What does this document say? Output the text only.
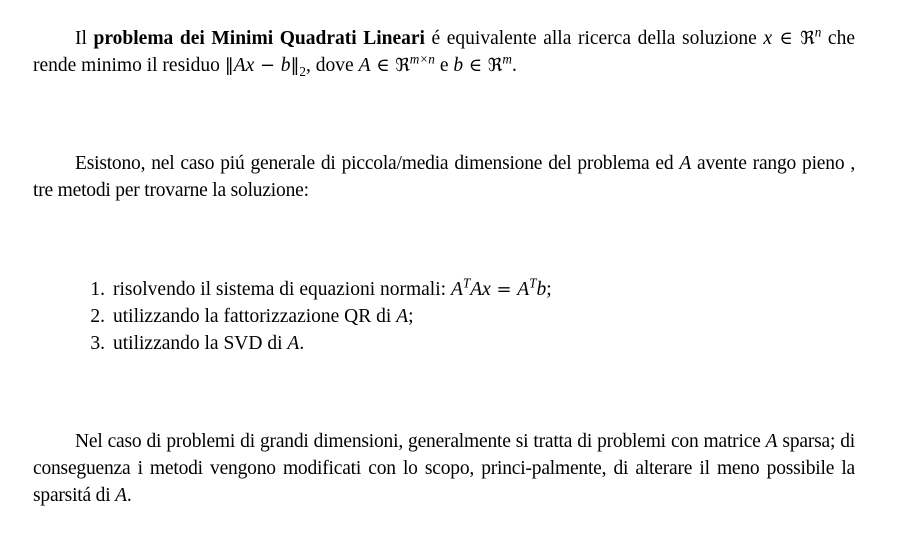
Il problema dei Minimi Quadrati Lineari é equivalente alla ricerca della soluzione x ∈ ℜ$^n$ che rende minimo il residuo ‖Ax − $b‖_2$, dove A ∈ ℜ$^{m\times n}$ e b ∈ ℜ$^m$.

Esistono, nel caso piú generale di piccola/media dimensione del problema ed A avente rango pieno , tre metodi per trovarne la soluzione:

1. risolvendo il sistema di equazioni normali: $A^TAx = A^Tb$;
2. utilizzando la fattorizzazione QR di A;
3. utilizzando la SVD di A.

Nel caso di problemi di grandi dimensioni, generalmente si tratta di problemi con matrice A sparsa; di conseguenza i metodi vengono modificati con lo scopo, princi-palmente, di alterare il meno possibile la sparsitá di A.
